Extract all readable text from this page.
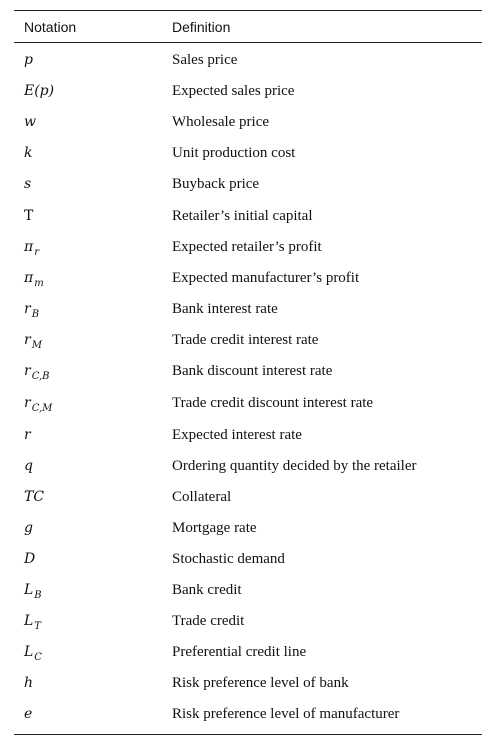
Notation	Definition
p	Sales price
E(p)	Expected sales price
w	Wholesale price
k	Unit production cost
s	Buyback price
T	Retailer’s initial capital
$\pi_r$	Expected retailer’s profit
$\pi_m$	Expected manufacturer’s profit
$r_B$	Bank interest rate
$r_M$	Trade credit interest rate
$r_{C,B}$	Bank discount interest rate
$r_{C,M}$	Trade credit discount interest rate
r	Expected interest rate
q	Ordering quantity decided by the retailer
TC	Collateral
g	Mortgage rate
D	Stochastic demand
$L_B$	Bank credit
$L_T$	Trade credit
$L_C$	Preferential credit line
h	Risk preference level of bank
e	Risk preference level of manufacturer
